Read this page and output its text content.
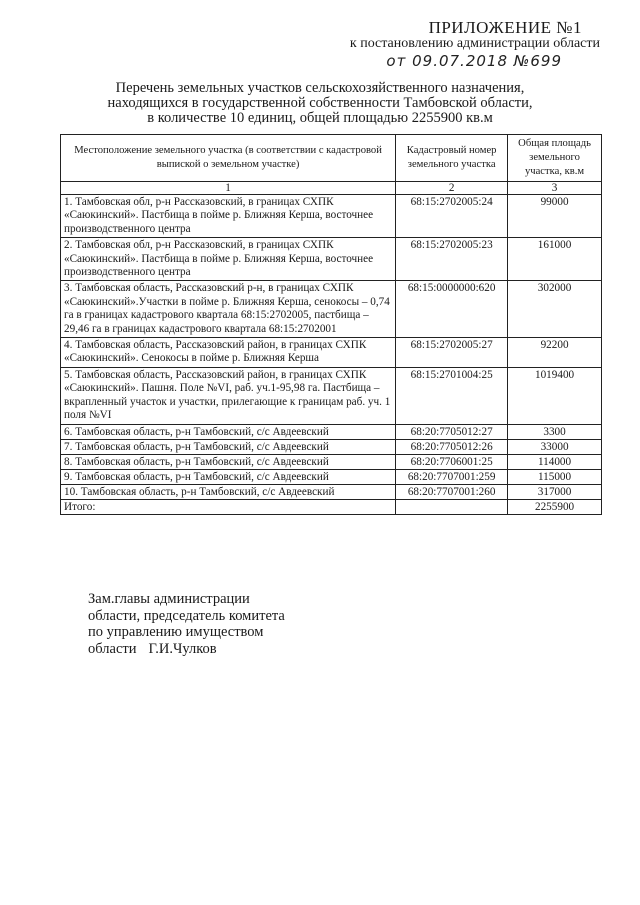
ПРИЛОЖЕНИЕ №1
к постановлению администрации области
от 09.07.2018 №699
Перечень земельных участков сельскохозяйственного назначения,
находящихся в государственной собственности Тамбовской области,
в количестве 10 единиц, общей площадью 2255900 кв.м
Местоположение земельного участка (в соответствии с кадастровой выпиской о земельном участке)	Кадастровый номер земельного участка	Общая площадь земельного участка, кв.м
1	2	3
1. Тамбовская обл, р-н Рассказовский, в границах СХПК «Саюкинский». Пастбища в пойме р. Ближняя Керша, восточнее производственного центра	68:15:2702005:24	99000
2. Тамбовская обл, р-н Рассказовский, в границах СХПК «Саюкинский». Пастбища в пойме р. Ближняя Керша, восточнее производственного центра	68:15:2702005:23	161000
3. Тамбовская область, Рассказовский р-н, в границах СХПК «Саюкинский».Участки в пойме р. Ближняя Керша, сенокосы – 0,74 га в границах кадастрового квартала 68:15:2702005, пастбища – 29,46 га в границах кадастрового квартала 68:15:2702001	68:15:0000000:620	302000
4. Тамбовская область, Рассказовский район, в границах СХПК «Саюкинский». Сенокосы в пойме р. Ближняя Керша	68:15:2702005:27	92200
5. Тамбовская область, Рассказовский район, в границах СХПК «Саюкинский». Пашня. Поле №VI, раб. уч.1-95,98 га. Пастбища – вкрапленный участок и участки, прилегающие к границам раб. уч. 1 поля №VI	68:15:2701004:25	1019400
6. Тамбовская область, р-н Тамбовский, с/с Авдеевский	68:20:7705012:27	3300
7. Тамбовская область, р-н Тамбовский, с/с Авдеевский	68:20:7705012:26	33000
8. Тамбовская область, р-н Тамбовский, с/с Авдеевский	68:20:7706001:25	114000
9. Тамбовская область, р-н Тамбовский, с/с Авдеевский	68:20:7707001:259	115000
10. Тамбовская область, р-н Тамбовский, с/с Авдеевский	68:20:7707001:260	317000
Итого:		2255900
Зам.главы администрации
области, председатель комитета
по управлению имуществом
области Г.И.Чулков
